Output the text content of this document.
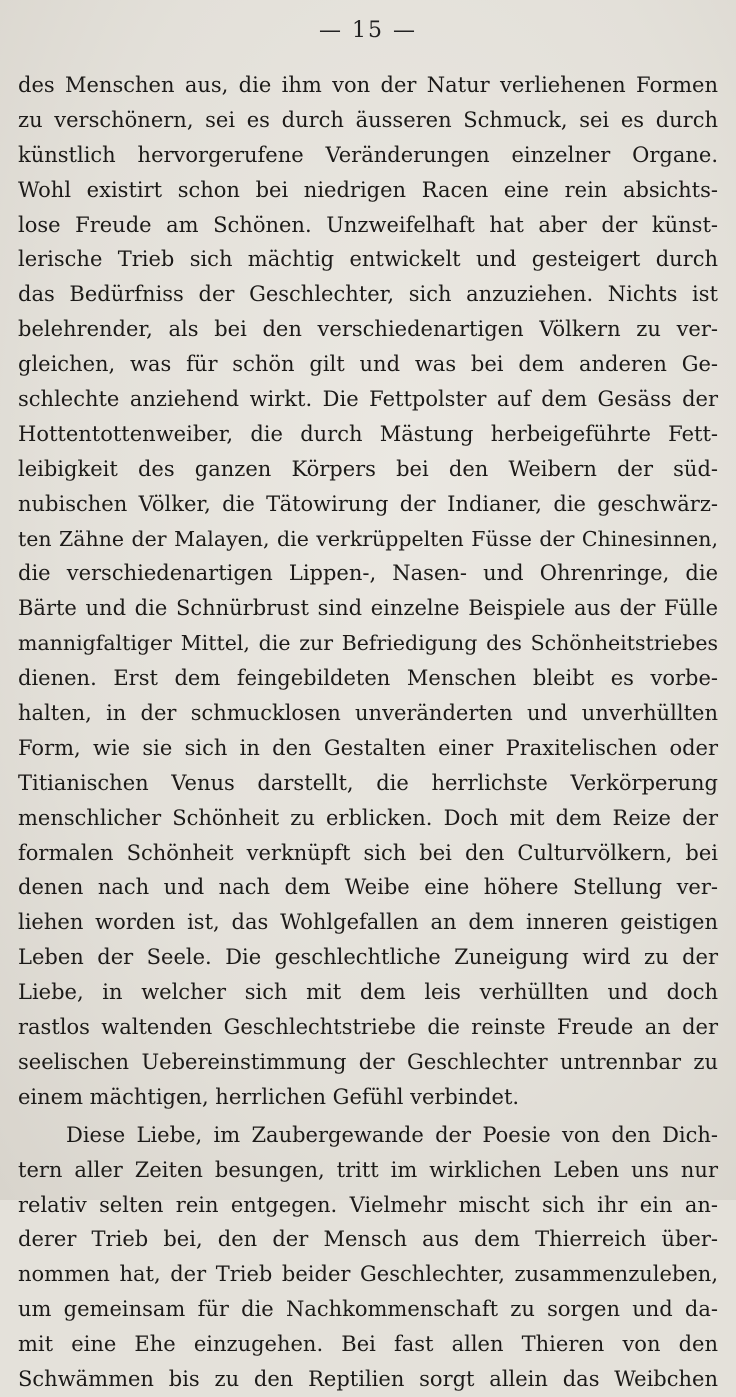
— 15 —
des Menschen aus, die ihm von der Natur verliehenen Formen
zu verschönern, sei es durch äusseren Schmuck, sei es durch
künstlich hervorgerufene Veränderungen einzelner Organe.
Wohl existirt schon bei niedrigen Racen eine rein absichts-
lose Freude am Schönen. Unzweifelhaft hat aber der künst-
lerische Trieb sich mächtig entwickelt und gesteigert durch
das Bedürfniss der Geschlechter, sich anzuziehen. Nichts ist
belehrender, als bei den verschiedenartigen Völkern zu ver-
gleichen, was für schön gilt und was bei dem anderen Ge-
schlechte anziehend wirkt. Die Fettpolster auf dem Gesäss der
Hottentottenweiber, die durch Mästung herbeigeführte Fett-
leibigkeit des ganzen Körpers bei den Weibern der süd-
nubischen Völker, die Tätowirung der Indianer, die geschwärz-
ten Zähne der Malayen, die verkrüppelten Füsse der Chinesinnen,
die verschiedenartigen Lippen-, Nasen- und Ohrenringe, die
Bärte und die Schnürbrust sind einzelne Beispiele aus der Fülle
mannigfaltiger Mittel, die zur Befriedigung des Schönheitstriebes
dienen. Erst dem feingebildeten Menschen bleibt es vorbe-
halten, in der schmucklosen unveränderten und unverhüllten
Form, wie sie sich in den Gestalten einer Praxitelischen oder
Titianischen Venus darstellt, die herrlichste Verkörperung
menschlicher Schönheit zu erblicken. Doch mit dem Reize der
formalen Schönheit verknüpft sich bei den Culturvölkern, bei
denen nach und nach dem Weibe eine höhere Stellung ver-
liehen worden ist, das Wohlgefallen an dem inneren geistigen
Leben der Seele. Die geschlechtliche Zuneigung wird zu der
Liebe, in welcher sich mit dem leis verhüllten und doch
rastlos waltenden Geschlechtstriebe die reinste Freude an der
seelischen Uebereinstimmung der Geschlechter untrennbar zu
einem mächtigen, herrlichen Gefühl verbindet.
Diese Liebe, im Zaubergewande der Poesie von den Dich-
tern aller Zeiten besungen, tritt im wirklichen Leben uns nur
relativ selten rein entgegen. Vielmehr mischt sich ihr ein an-
derer Trieb bei, den der Mensch aus dem Thierreich über-
nommen hat, der Trieb beider Geschlechter, zusammenzuleben,
um gemeinsam für die Nachkommenschaft zu sorgen und da-
mit eine Ehe einzugehen. Bei fast allen Thieren von den
Schwämmen bis zu den Reptilien sorgt allein das Weibchen
